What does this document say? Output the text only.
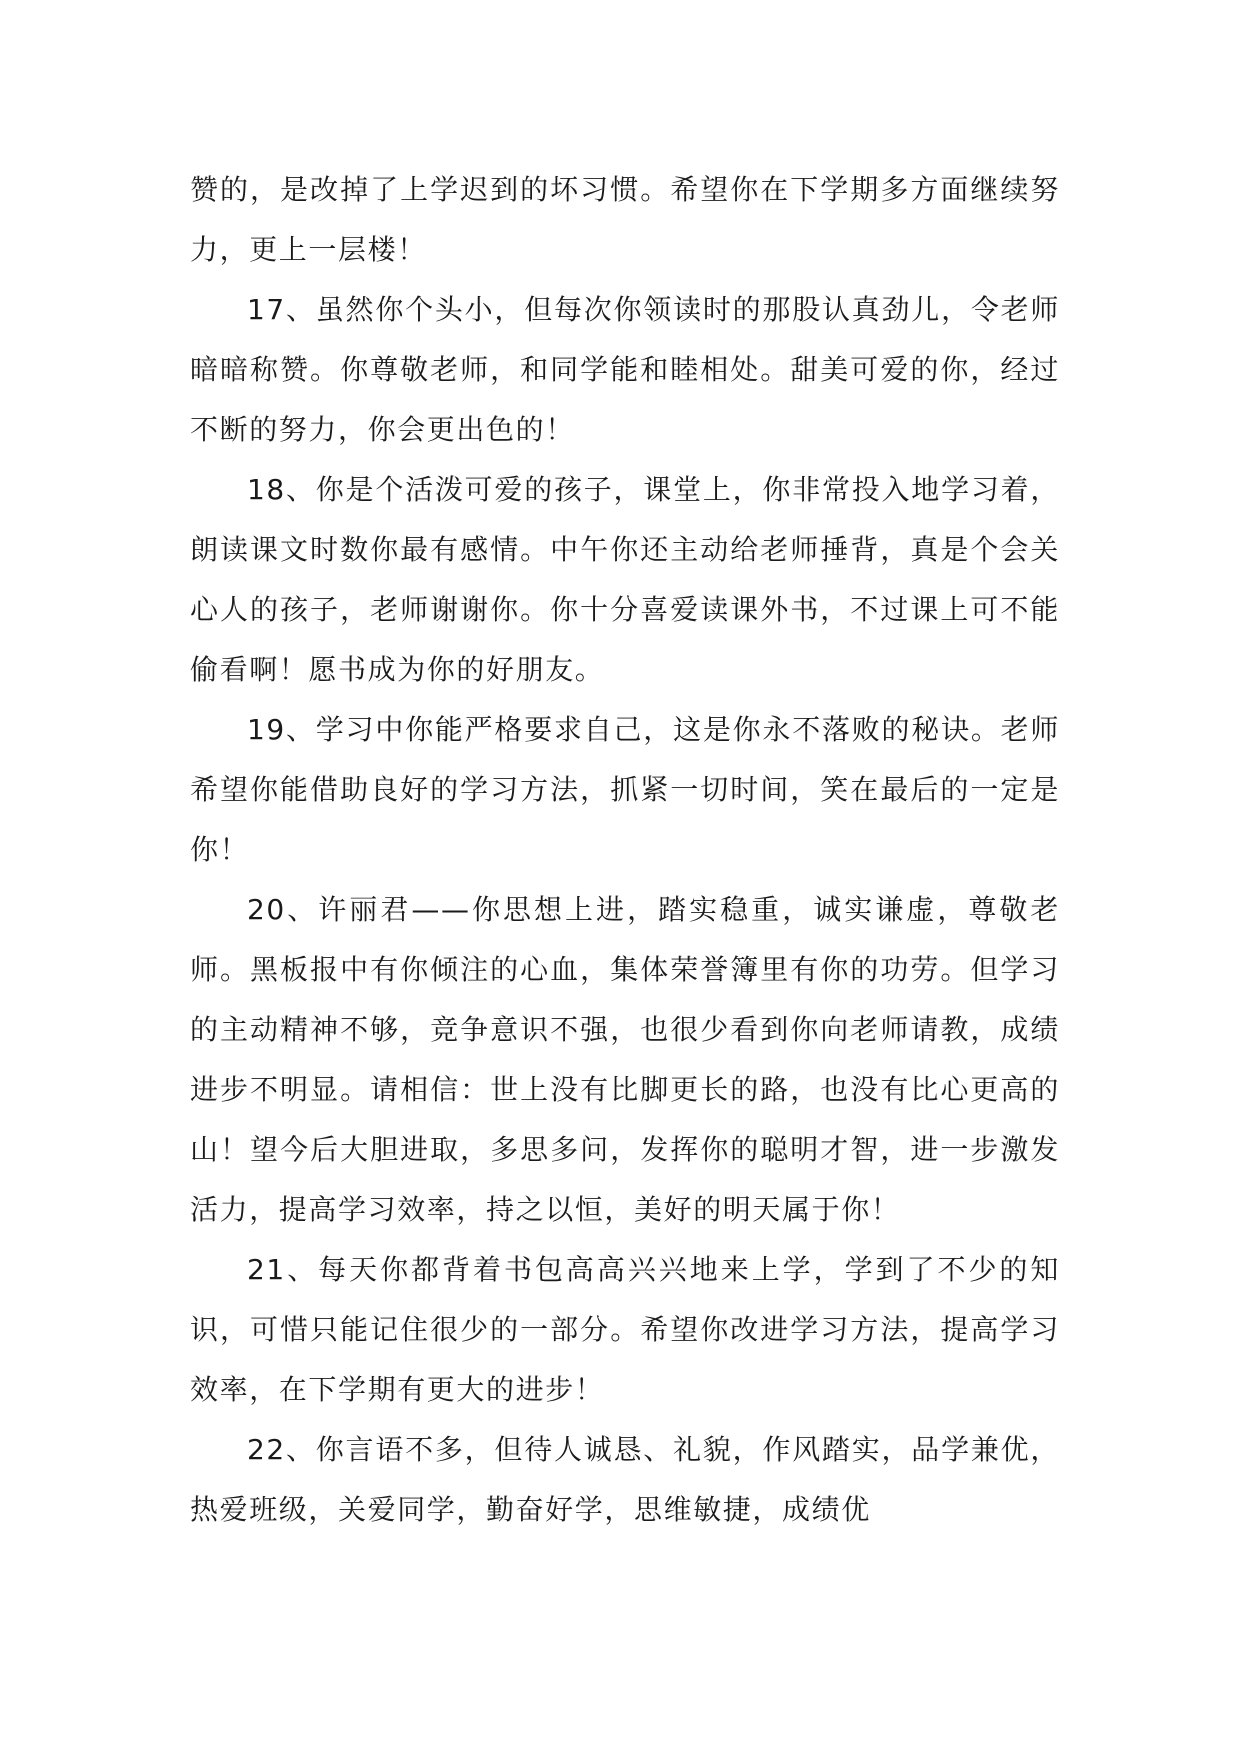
赞的，是改掉了上学迟到的坏习惯。希望你在下学期多方面继续努力，更上一层楼！

17、虽然你个头小，但每次你领读时的那股认真劲儿，令老师暗暗称赞。你尊敬老师，和同学能和睦相处。甜美可爱的你，经过不断的努力，你会更出色的！

18、你是个活泼可爱的孩子，课堂上，你非常投入地学习着，朗读课文时数你最有感情。中午你还主动给老师捶背，真是个会关心人的孩子，老师谢谢你。你十分喜爱读课外书，不过课上可不能偷看啊！愿书成为你的好朋友。

19、学习中你能严格要求自己，这是你永不落败的秘诀。老师希望你能借助良好的学习方法，抓紧一切时间，笑在最后的一定是你！

20、许丽君——你思想上进，踏实稳重，诚实谦虚，尊敬老师。黑板报中有你倾注的心血，集体荣誉簿里有你的功劳。但学习的主动精神不够，竞争意识不强，也很少看到你向老师请教，成绩进步不明显。请相信：世上没有比脚更长的路，也没有比心更高的山！望今后大胆进取，多思多问，发挥你的聪明才智，进一步激发活力，提高学习效率，持之以恒，美好的明天属于你！

21、每天你都背着书包高高兴兴地来上学，学到了不少的知识，可惜只能记住很少的一部分。希望你改进学习方法，提高学习效率，在下学期有更大的进步！

22、你言语不多，但待人诚恳、礼貌，作风踏实，品学兼优，热爱班级，关爱同学，勤奋好学，思维敏捷，成绩优
